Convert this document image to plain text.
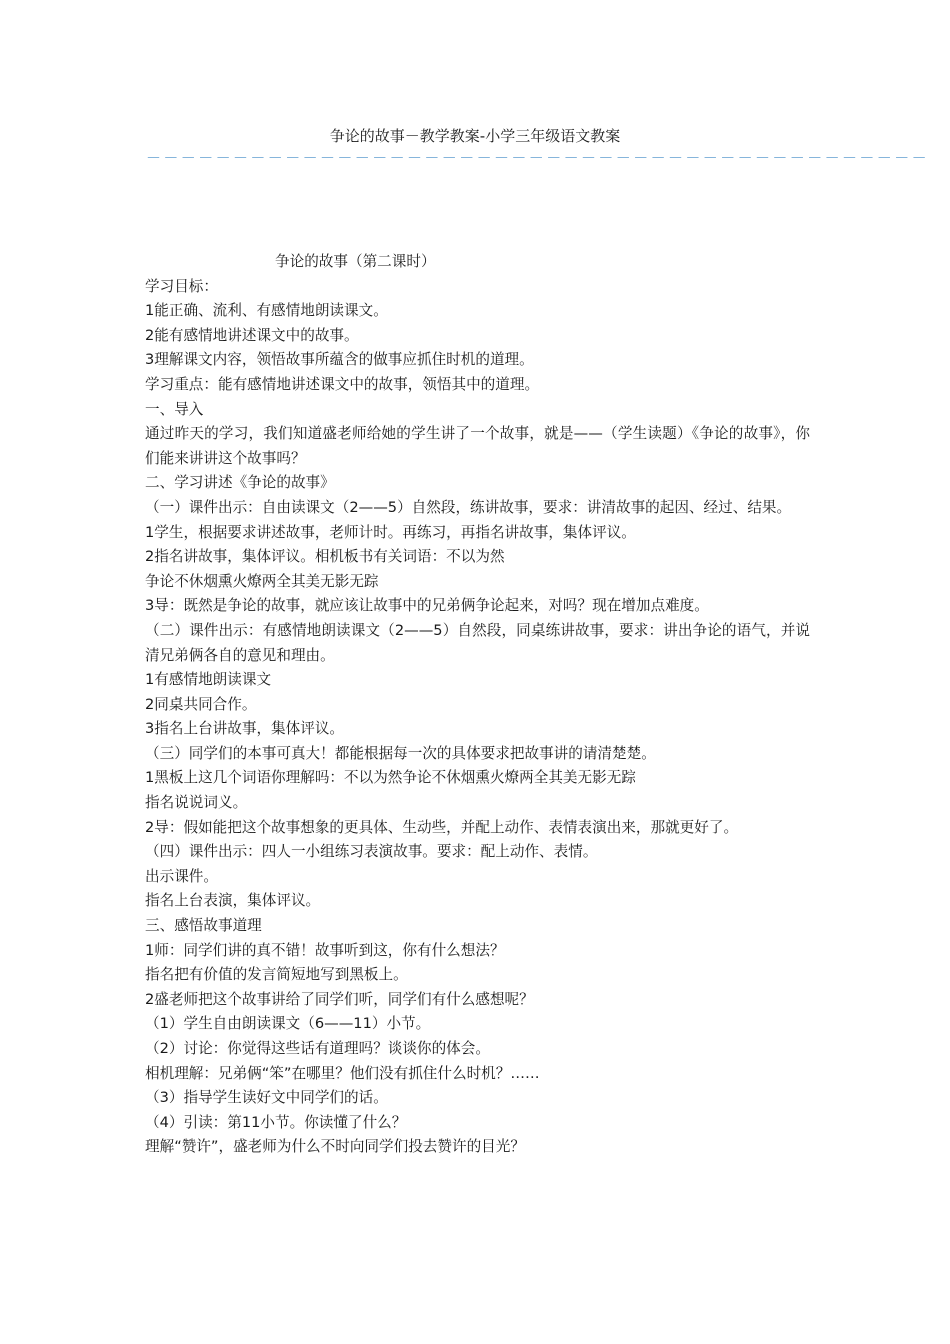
争论的故事－教学教案-小学三年级语文教案
－－－－－－－－－－－－－－－－－－－－－－－－－－－－－－－－－－－－－－－－－－－－－

争论的故事（第二课时）

学习目标：

1能正确、流利、有感情地朗读课文。

2能有感情地讲述课文中的故事。

3理解课文内容，领悟故事所蕴含的做事应抓住时机的道理。

学习重点：能有感情地讲述课文中的故事，领悟其中的道理。

一、导入

通过昨天的学习，我们知道盛老师给她的学生讲了一个故事，就是——（学生读题）《争论的故事》，你们能来讲讲这个故事吗？

二、学习讲述《争论的故事》

（一）课件出示：自由读课文（2——5）自然段，练讲故事，要求：讲清故事的起因、经过、结果。

1学生，根据要求讲述故事，老师计时。再练习，再指名讲故事，集体评议。

2指名讲故事，集体评议。相机板书有关词语：不以为然

争论不休烟熏火燎两全其美无影无踪

3导：既然是争论的故事，就应该让故事中的兄弟俩争论起来，对吗？现在增加点难度。

（二）课件出示：有感情地朗读课文（2——5）自然段，同桌练讲故事，要求：讲出争论的语气，并说清兄弟俩各自的意见和理由。

1有感情地朗读课文

2同桌共同合作。

3指名上台讲故事，集体评议。

（三）同学们的本事可真大！都能根据每一次的具体要求把故事讲的请清楚楚。

1黑板上这几个词语你理解吗：不以为然争论不休烟熏火燎两全其美无影无踪

指名说说词义。

2导：假如能把这个故事想象的更具体、生动些，并配上动作、表情表演出来，那就更好了。

（四）课件出示：四人一小组练习表演故事。要求：配上动作、表情。

出示课件。

指名上台表演，集体评议。

三、感悟故事道理

1师：同学们讲的真不错！故事听到这，你有什么想法？

指名把有价值的发言简短地写到黑板上。

2盛老师把这个故事讲给了同学们听，同学们有什么感想呢？

（1）学生自由朗读课文（6——11）小节。

（2）讨论：你觉得这些话有道理吗？谈谈你的体会。

相机理解：兄弟俩“笨”在哪里？他们没有抓住什么时机？……

（3）指导学生读好文中同学们的话。

（4）引读：第11小节。你读懂了什么？

理解“赞许”，盛老师为什么不时向同学们投去赞许的目光？
